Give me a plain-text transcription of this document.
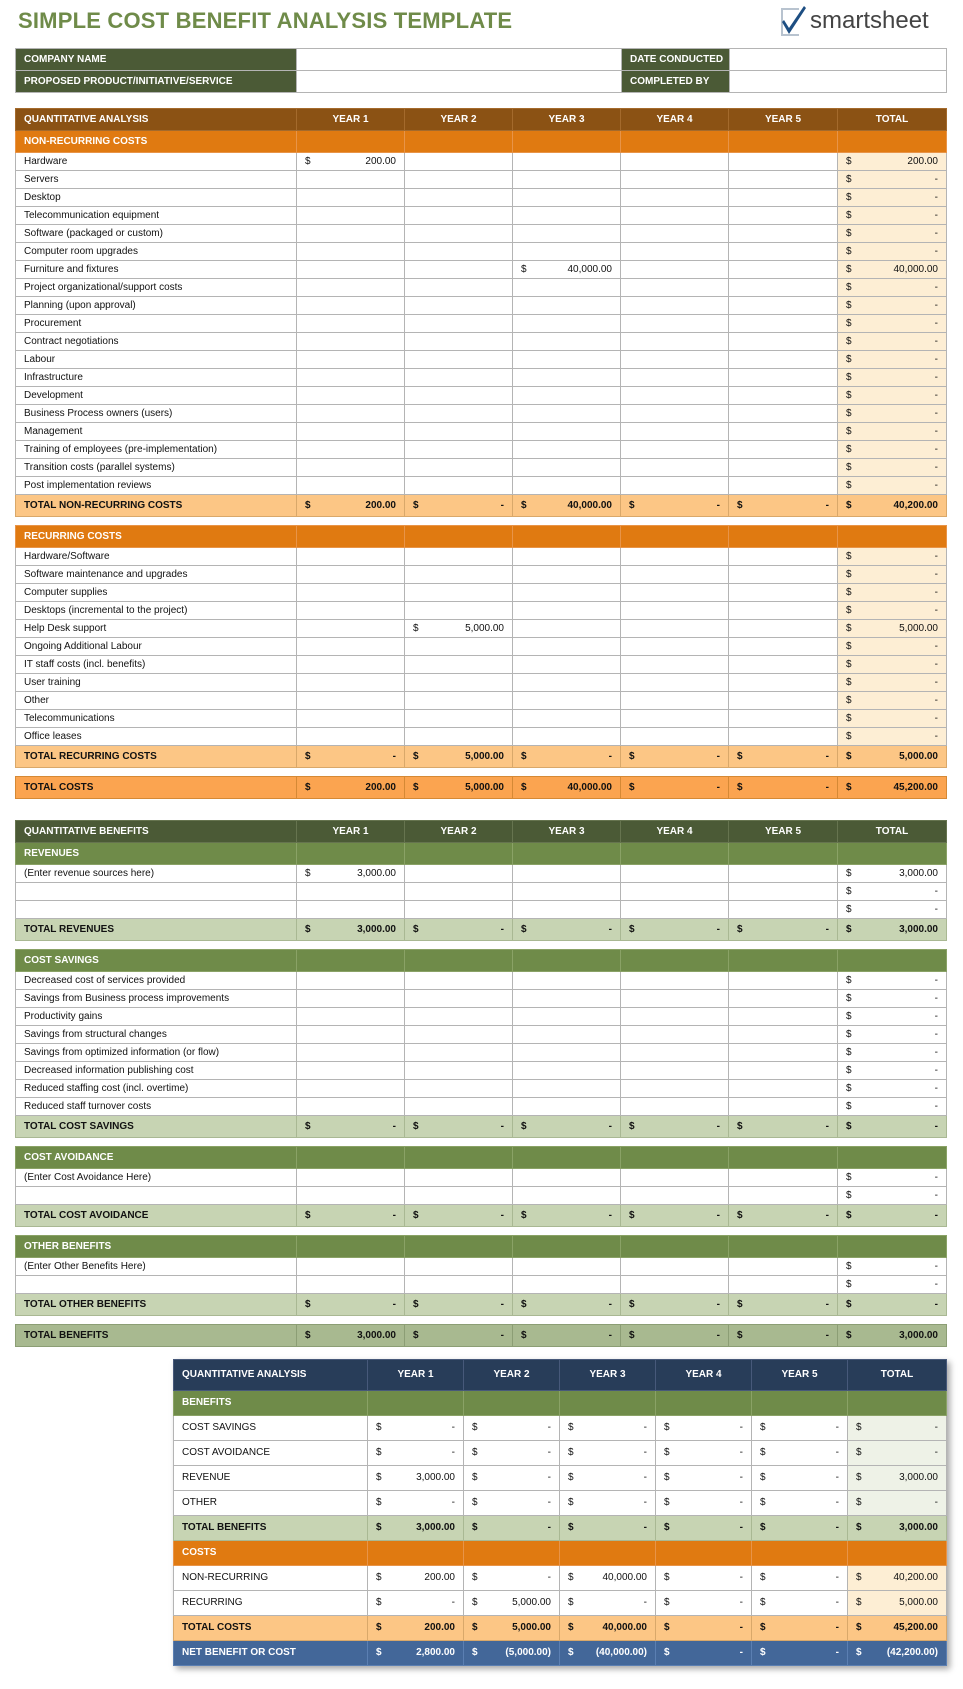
SIMPLE COST BENEFIT ANALYSIS TEMPLATE	smartsheet
COMPANY NAME		DATE CONDUCTED	
PROPOSED PRODUCT/INITIATIVE/SERVICE		COMPLETED BY	
QUANTITATIVE ANALYSIS	YEAR 1	YEAR 2	YEAR 3	YEAR 4	YEAR 5	TOTAL
NON-RECURRING COSTS						
Hardware	$ 200.00					$ 200.00

Servers						$ -

Desktop						$ -

Telecommunication equipment						$ -

Software (packaged or custom)						$ -

Computer room upgrades						$ -

Furniture and fixtures			$ 40,000.00			$ 40,000.00

Project organizational/support costs						$ -

Planning (upon approval)						$ -

Procurement						$ -

Contract negotiations						$ -

Labour						$ -

Infrastructure						$ -

Development						$ -

Business Process owners (users)						$ -

Management						$ -

Training of employees (pre-implementation)						$ -

Transition costs (parallel systems)						$ -

Post implementation reviews						$ -

TOTAL NON-RECURRING COSTS	$ 200.00	$ -	$ 40,000.00	$ -	$ -	$ 40,200.00

RECURRING COSTS						
Hardware/Software						$ -

Software maintenance and upgrades						$ -

Computer supplies						$ -

Desktops (incremental to the project)						$ -

Help Desk support		$ 5,000.00				$ 5,000.00

Ongoing Additional Labour						$ -

IT staff costs (incl. benefits)						$ -

User training						$ -

Other						$ -

Telecommunications						$ -

Office leases						$ -

TOTAL RECURRING COSTS	$ -	$ 5,000.00	$ -	$ -	$ -	$ 5,000.00

TOTAL COSTS	$ 200.00	$ 5,000.00	$ 40,000.00	$ -	$ -	$ 45,200.00
QUANTITATIVE BENEFITS	YEAR 1	YEAR 2	YEAR 3	YEAR 4	YEAR 5	TOTAL
REVENUES						
(Enter revenue sources here)	$ 3,000.00					$ 3,000.00

						$ -

						$ -

TOTAL REVENUES	$ 3,000.00	$ -	$ -	$ -	$ -	$ 3,000.00

COST SAVINGS						
Decreased cost of services provided						$ -

Savings from Business process improvements						$ -

Productivity gains						$ -

Savings from structural changes						$ -

Savings from optimized information (or flow)						$ -

Decreased information publishing cost						$ -

Reduced staffing cost (incl. overtime)						$ -

Reduced staff turnover costs						$ -

TOTAL COST SAVINGS	$ -	$ -	$ -	$ -	$ -	$ -

COST AVOIDANCE						
(Enter Cost Avoidance Here)						$ -

						$ -

TOTAL COST AVOIDANCE	$ -	$ -	$ -	$ -	$ -	$ -

OTHER BENEFITS						
(Enter Other Benefits Here)						$ -

						$ -

TOTAL OTHER BENEFITS	$ -	$ -	$ -	$ -	$ -	$ -

TOTAL BENEFITS	$ 3,000.00	$ -	$ -	$ -	$ -	$ 3,000.00
QUANTITATIVE ANALYSIS	YEAR 1	YEAR 2	YEAR 3	YEAR 4	YEAR 5	TOTAL
BENEFITS						
COST SAVINGS	$ -	$ -	$ -	$ -	$ -	$ -

COST AVOIDANCE	$ -	$ -	$ -	$ -	$ -	$ -

REVENUE	$ 3,000.00	$ -	$ -	$ -	$ -	$ 3,000.00

OTHER	$ -	$ -	$ -	$ -	$ -	$ -

TOTAL BENEFITS	$ 3,000.00	$ -	$ -	$ -	$ -	$ 3,000.00

COSTS						
NON-RECURRING	$ 200.00	$ -	$ 40,000.00	$ -	$ -	$ 40,200.00

RECURRING	$ -	$ 5,000.00	$ -	$ -	$ -	$ 5,000.00

TOTAL COSTS	$ 200.00	$ 5,000.00	$ 40,000.00	$ -	$ -	$ 45,200.00

NET BENEFIT OR COST	$ 2,800.00	$ (5,000.00)	$ (40,000.00)	$ -	$ -	$ (42,200.00)
